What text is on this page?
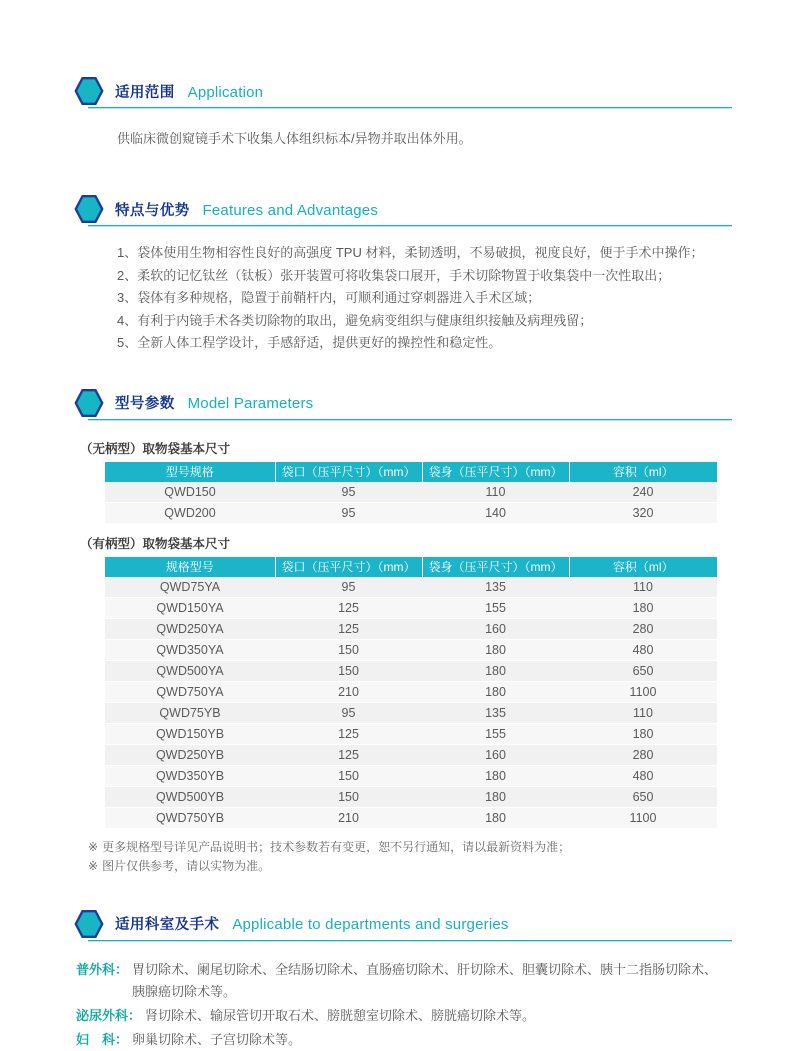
适用范围 Application

供临床微创窥镜手术下收集人体组织标本/异物并取出体外用。

特点与优势 Features and Advantages
1、袋体使用生物相容性良好的高强度 TPU 材料，柔韧透明，不易破损，视度良好，便于手术中操作；
2、柔软的记忆钛丝（钛板）张开装置可将收集袋口展开，手术切除物置于收集袋中一次性取出；
3、袋体有多种规格，隐置于前鞘杆内，可顺利通过穿刺器进入手术区域；
4、有利于内镜手术各类切除物的取出，避免病变组织与健康组织接触及病理残留；
5、全新人体工程学设计，手感舒适，提供更好的操控性和稳定性。
型号参数 Model Parameters
（无柄型）取物袋基本尺寸
型号规格	袋口（压平尺寸）（mm）	袋身（压平尺寸）（mm）	容积（ml）
QWD150	95	110	240
QWD200	95	140	320
（有柄型）取物袋基本尺寸
规格型号	袋口（压平尺寸）（mm）	袋身（压平尺寸）（mm）	容积（ml）
QWD75YA	95	135	110
QWD150YA	125	155	180
QWD250YA	125	160	280
QWD350YA	150	180	480
QWD500YA	150	180	650
QWD750YA	210	180	1100
QWD75YB	95	135	110
QWD150YB	125	155	180
QWD250YB	125	160	280
QWD350YB	150	180	480
QWD500YB	150	180	650
QWD750YB	210	180	1100
※ 更多规格型号详见产品说明书；技术参数若有变更，恕不另行通知，请以最新资料为准；
※ 图片仅供参考，请以实物为准。
适用科室及手术 Applicable to departments and surgeries
普外科： 胃切除术、阑尾切除术、全结肠切除术、直肠癌切除术、肝切除术、胆囊切除术、胰十二指肠切除术、
胰腺癌切除术等。
泌尿外科： 肾切除术、输尿管切开取石术、膀胱憩室切除术、膀胱癌切除术等。
妇　科： 卵巢切除术、子宫切除术等。
